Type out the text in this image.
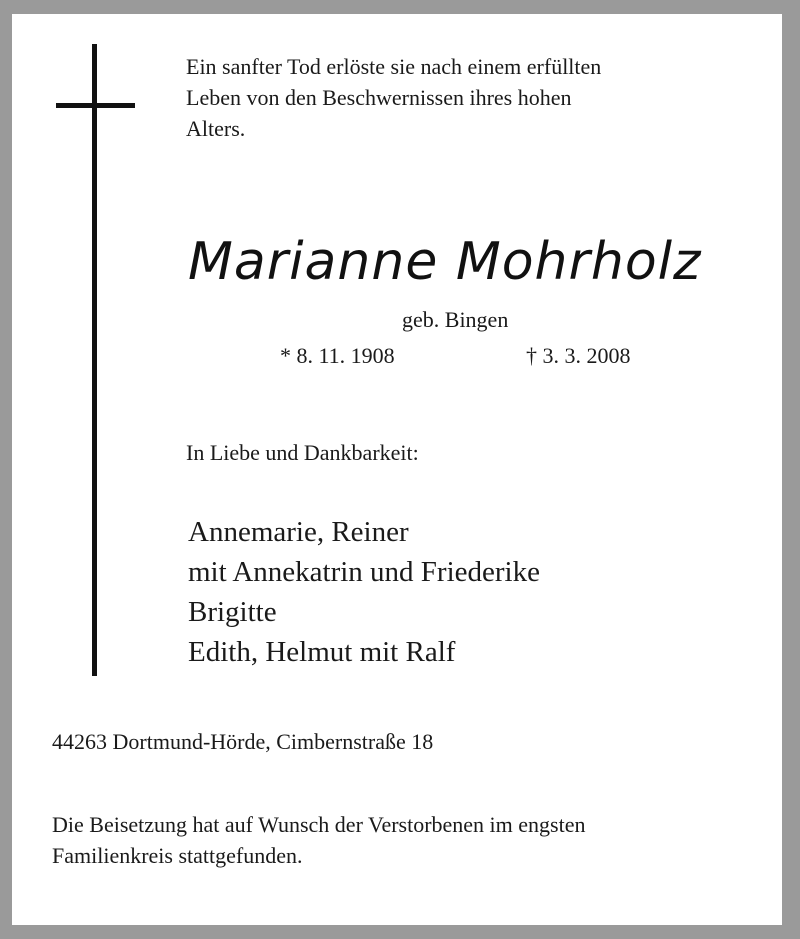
Ein sanfter Tod erlöste sie nach einem erfüllten
Leben von den Beschwernissen ihres hohen
Alters.

Marianne Mohrholz
geb. Bingen
* 8. 11. 1908	† 3. 3. 2008
In Liebe und Dankbarkeit:
Annemarie, Reiner
mit Annekatrin und Friederike
Brigitte
Edith, Helmut mit Ralf
44263 Dortmund-Hörde, Cimbernstraße 18

Die Beisetzung hat auf Wunsch der Verstorbenen im engsten
Familienkreis stattgefunden.
